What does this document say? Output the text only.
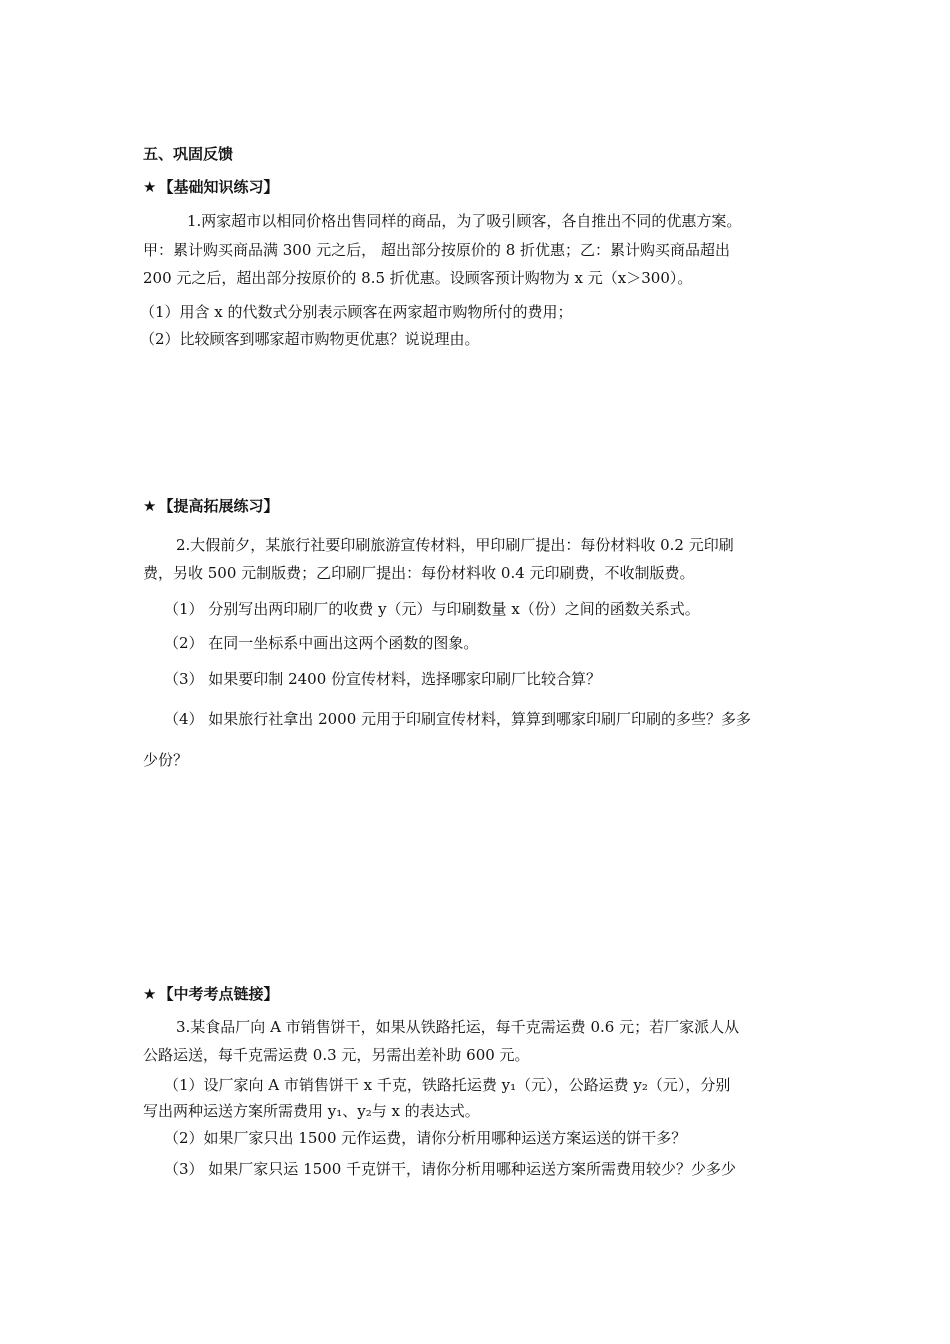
五、巩固反馈
★ 【基础知识练习】
1.两家超市以相同价格出售同样的商品，为了吸引顾客，各自推出不同的优惠方案。
甲：累计购买商品满 300 元之后， 超出部分按原价的 8 折优惠；乙：累计购买商品超出
200 元之后，超出部分按原价的 8.5 折优惠。设顾客预计购物为 x 元（x＞300）。
（1）用含 x 的代数式分别表示顾客在两家超市购物所付的费用；
（2）比较顾客到哪家超市购物更优惠？说说理由。
★ 【提高拓展练习】
2.大假前夕，某旅行社要印刷旅游宣传材料，甲印刷厂提出：每份材料收 0.2 元印刷
费，另收 500 元制版费；乙印刷厂提出：每份材料收 0.4 元印刷费，不收制版费。
（1） 分别写出两印刷厂的收费 y（元）与印刷数量 x（份）之间的函数关系式。
（2） 在同一坐标系中画出这两个函数的图象。
（3） 如果要印制 2400 份宣传材料，选择哪家印刷厂比较合算？
（4） 如果旅行社拿出 2000 元用于印刷宣传材料，算算到哪家印刷厂印刷的多些？多多
少份？
★ 【中考考点链接】
3.某食品厂向 A 市销售饼干，如果从铁路托运，每千克需运费 0.6 元；若厂家派人从
公路运送，每千克需运费 0.3 元，另需出差补助 600 元。
（1）设厂家向 A 市销售饼干 x 千克，铁路托运费 y₁（元），公路运费 y₂（元），分别
写出两种运送方案所需费用 y₁、y₂与 x 的表达式。
（2）如果厂家只出 1500 元作运费，请你分析用哪种运送方案运送的饼干多？
（3） 如果厂家只运 1500 千克饼干，请你分析用哪种运送方案所需费用较少？少多少
